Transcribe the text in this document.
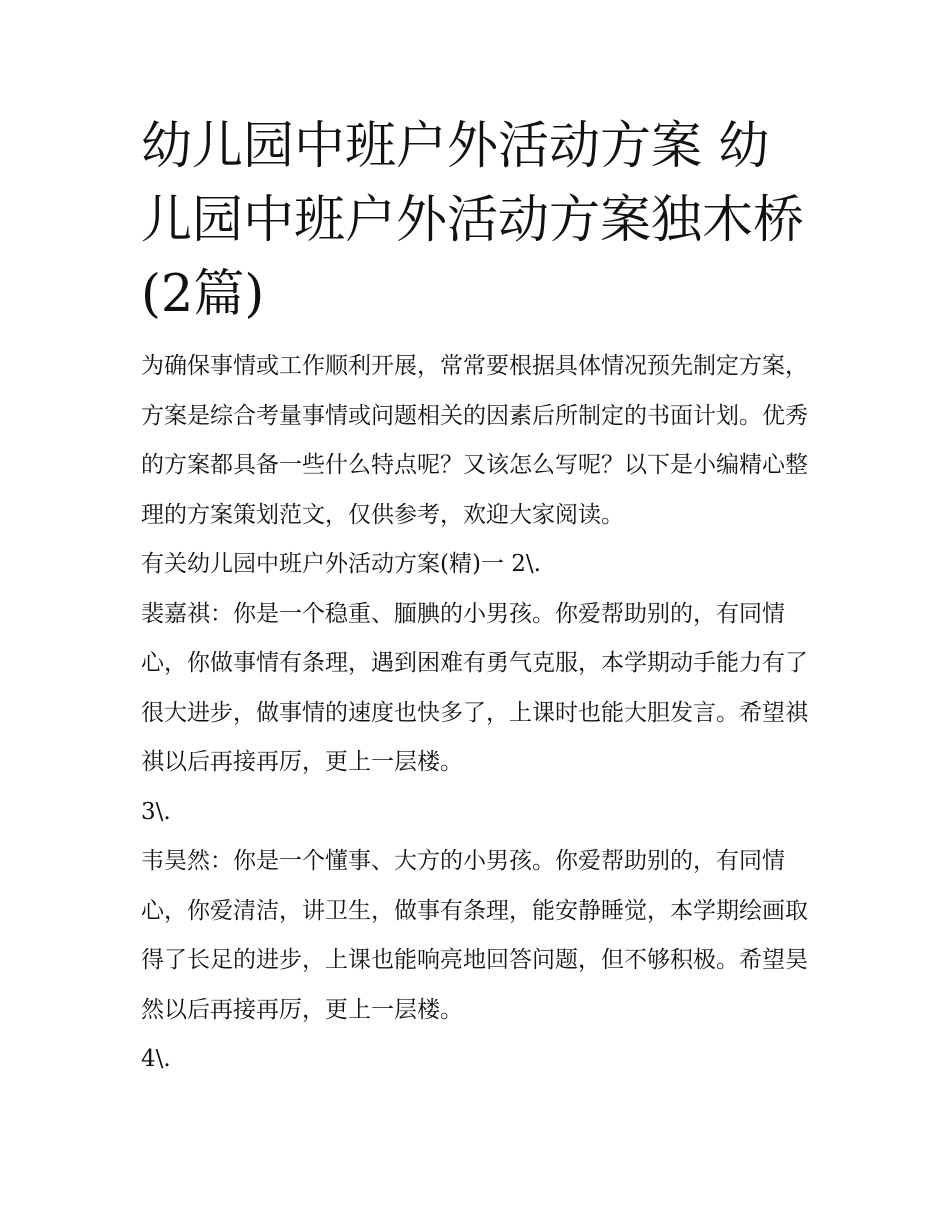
幼儿园中班户外活动方案 幼儿园中班户外活动方案独木桥(2篇)

为确保事情或工作顺利开展，常常要根据具体情况预先制定方案，方案是综合考量事情或问题相关的因素后所制定的书面计划。优秀的方案都具备一些什么特点呢？又该怎么写呢？以下是小编精心整理的方案策划范文，仅供参考，欢迎大家阅读。

有关幼儿园中班户外活动方案(精)一 2\.

裴嘉祺：你是一个稳重、腼腆的小男孩。你爱帮助别的，有同情心，你做事情有条理，遇到困难有勇气克服，本学期动手能力有了很大进步，做事情的速度也快多了，上课时也能大胆发言。希望祺祺以后再接再厉，更上一层楼。

3\.

韦昊然：你是一个懂事、大方的小男孩。你爱帮助别的，有同情心，你爱清洁，讲卫生，做事有条理，能安静睡觉，本学期绘画取得了长足的进步，上课也能响亮地回答问题，但不够积极。希望昊然以后再接再厉，更上一层楼。

4\.
